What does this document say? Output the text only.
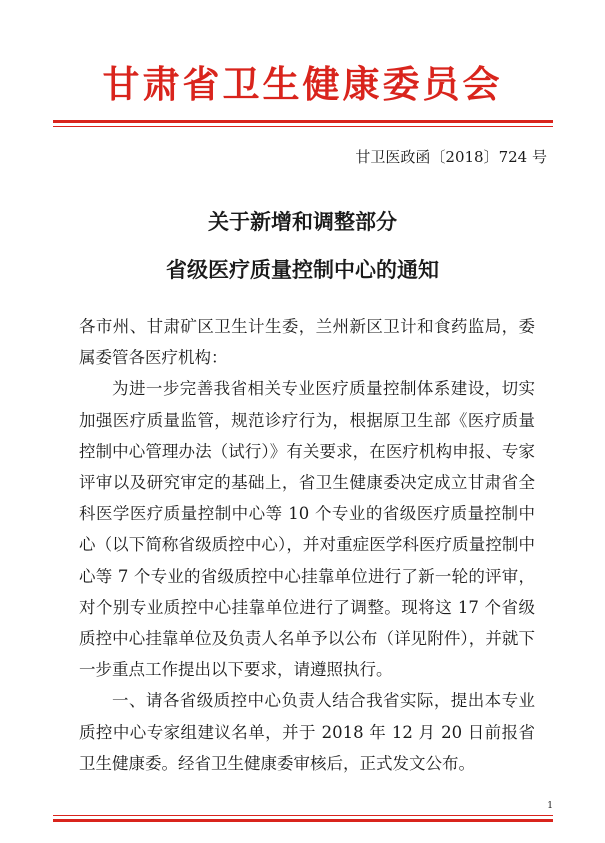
甘肃省卫生健康委员会
甘卫医政函〔2018〕724 号
关于新增和调整部分
省级医疗质量控制中心的通知

各市州、甘肃矿区卫生计生委，兰州新区卫计和食药监局，委属委管各医疗机构：

为进一步完善我省相关专业医疗质量控制体系建设，切实加强医疗质量监管，规范诊疗行为，根据原卫生部《医疗质量控制中心管理办法（试行）》有关要求，在医疗机构申报、专家评审以及研究审定的基础上，省卫生健康委决定成立甘肃省全科医学医疗质量控制中心等 10 个专业的省级医疗质量控制中心（以下简称省级质控中心），并对重症医学科医疗质量控制中心等 7 个专业的省级质控中心挂靠单位进行了新一轮的评审，对个别专业质控中心挂靠单位进行了调整。现将这 17 个省级质控中心挂靠单位及负责人名单予以公布（详见附件），并就下一步重点工作提出以下要求，请遵照执行。

一、请各省级质控中心负责人结合我省实际，提出本专业质控中心专家组建议名单，并于 2018 年 12 月 20 日前报省卫生健康委。经省卫生健康委审核后，正式发文公布。

1
